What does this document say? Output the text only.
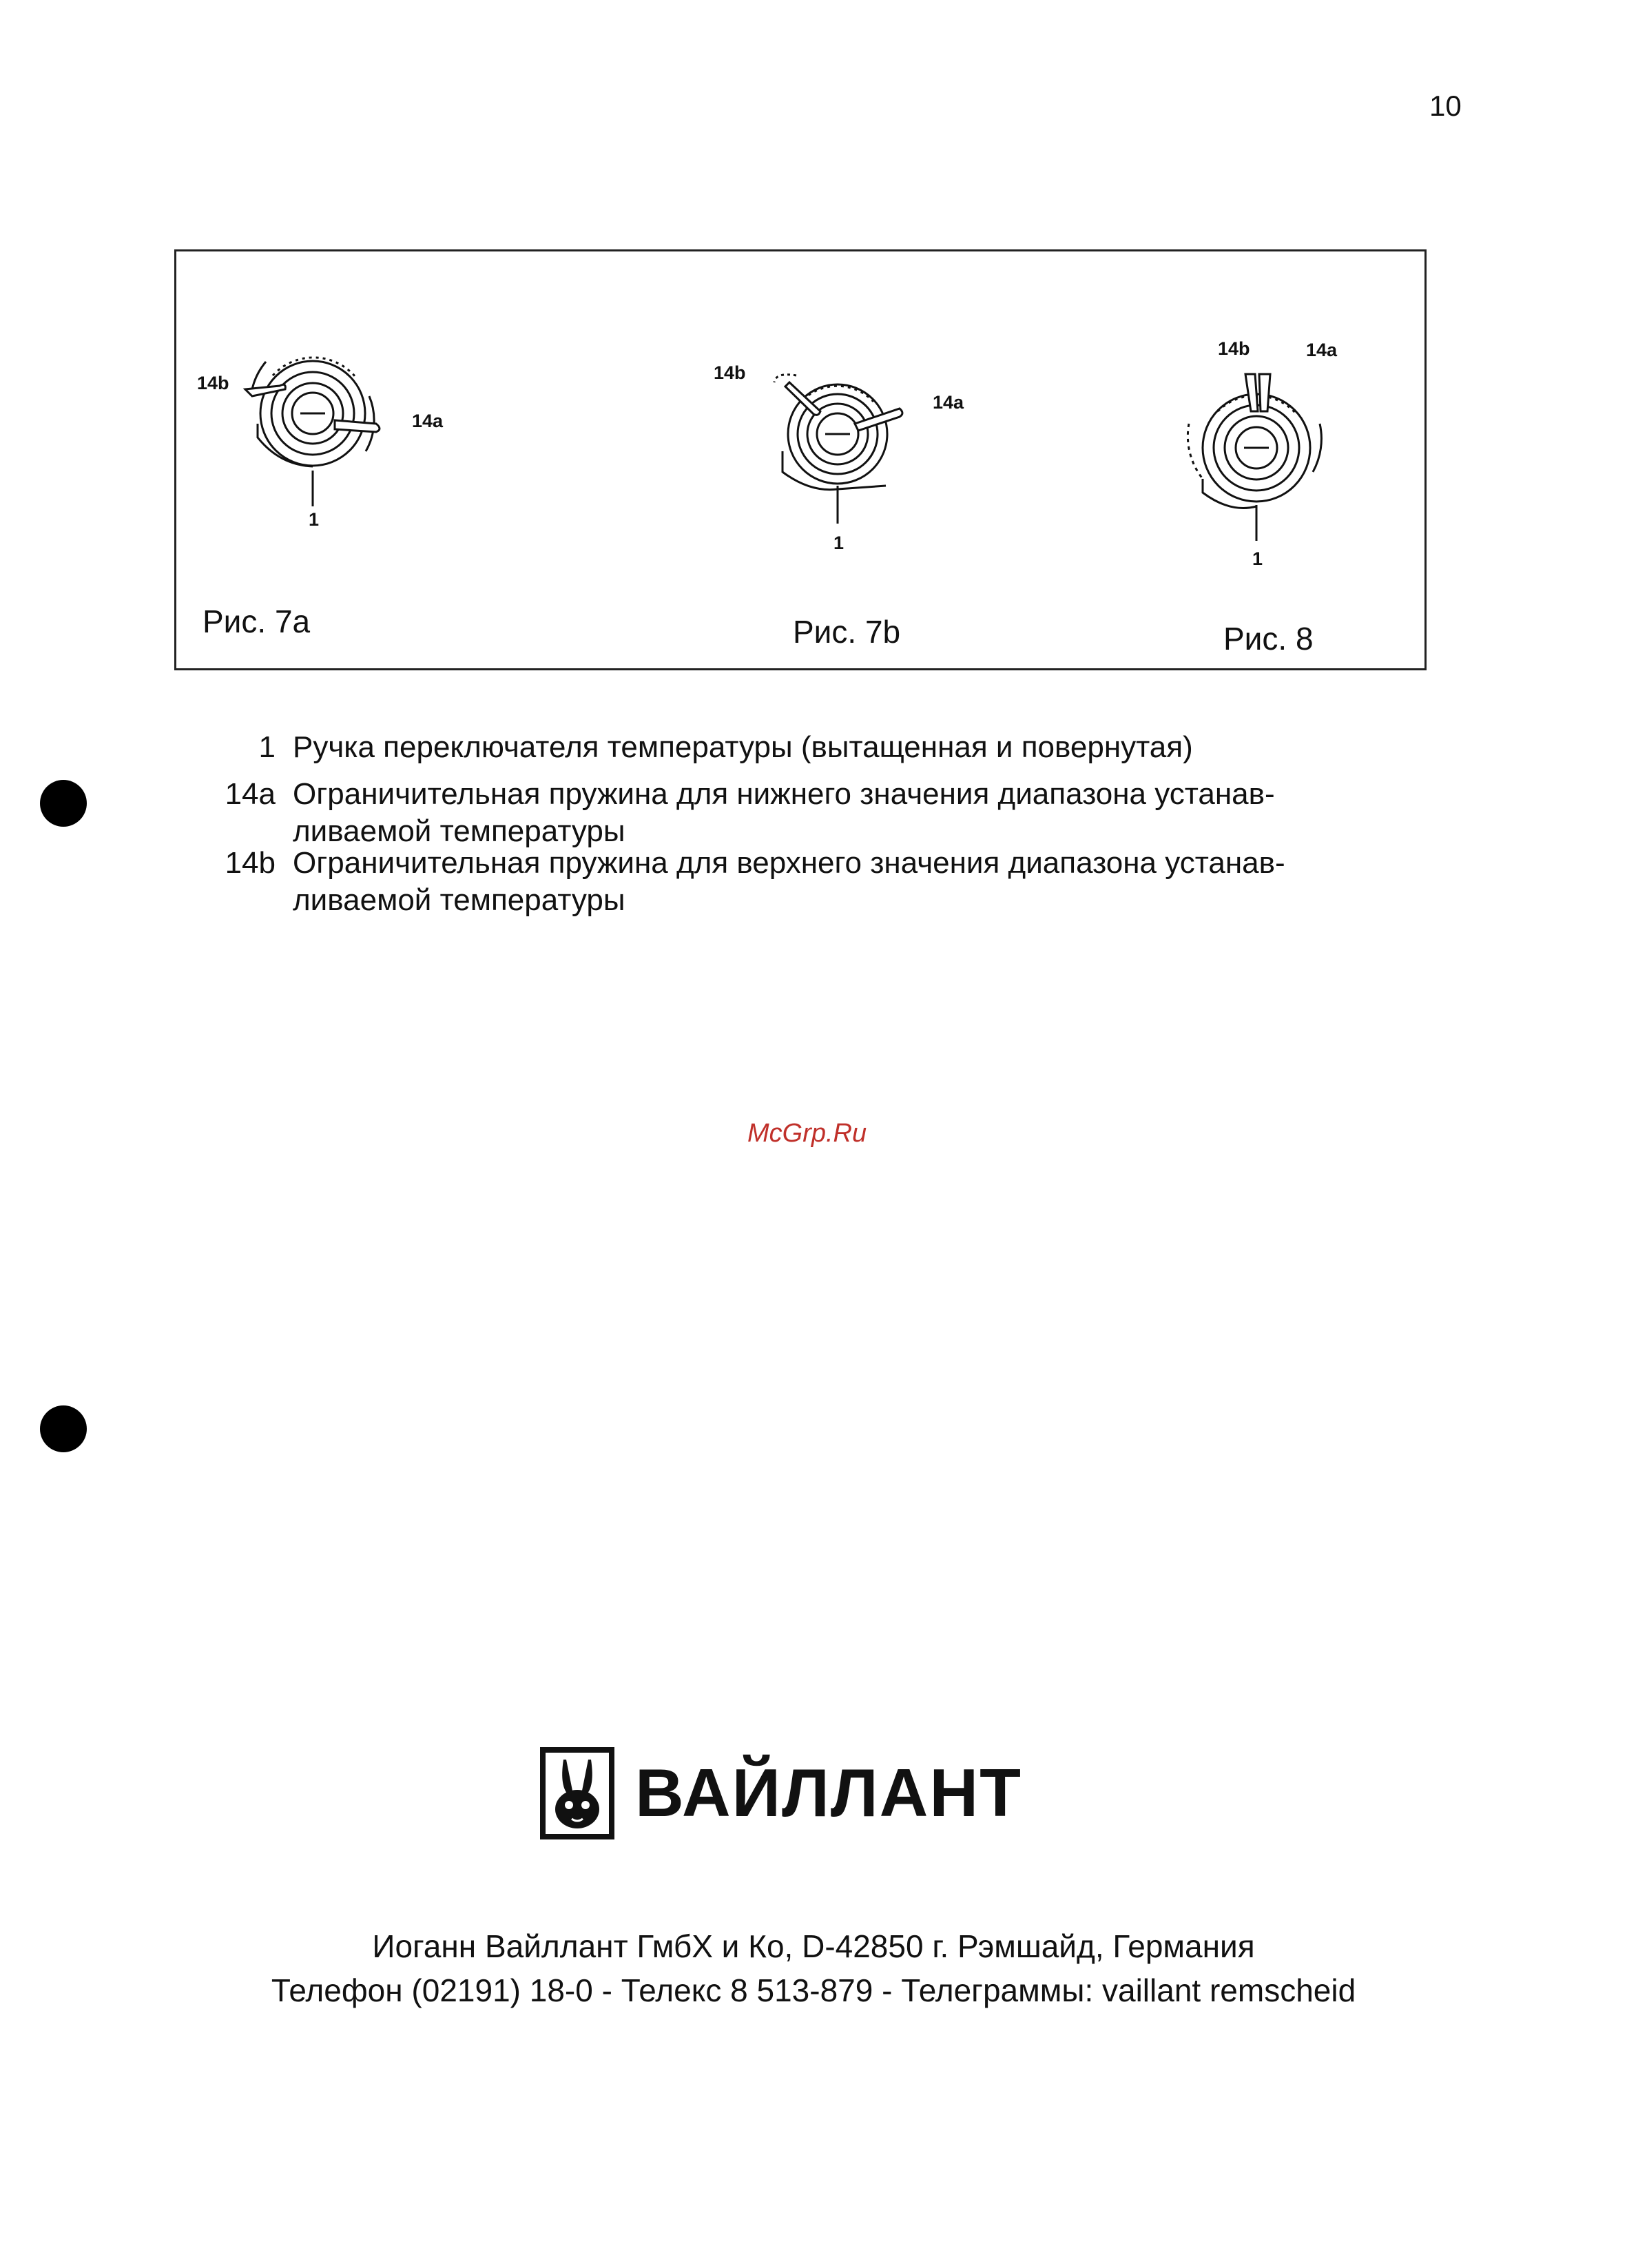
10
14b
14a
1
14b
14a
1
14b	14a
1
Рис. 7a	Рис. 7b	Рис. 8
1 Ручка переключателя температуры (вытащенная и повернутая)
14a Ограничительная пружина для нижнего значения диапазона устанав-ливаемой температуры
14b Ограничительная пружина для верхнего значения диапазона устанав-ливаемой температуры
McGrp.Ru
ВАЙЛЛАНТ
Иоганн Вайллант ГмбХ и Ко, D-42850 г. Рэмшайд, Германия
Телефон (02191) 18-0 - Телекс 8 513-879 - Телеграммы: vaillant remscheid
